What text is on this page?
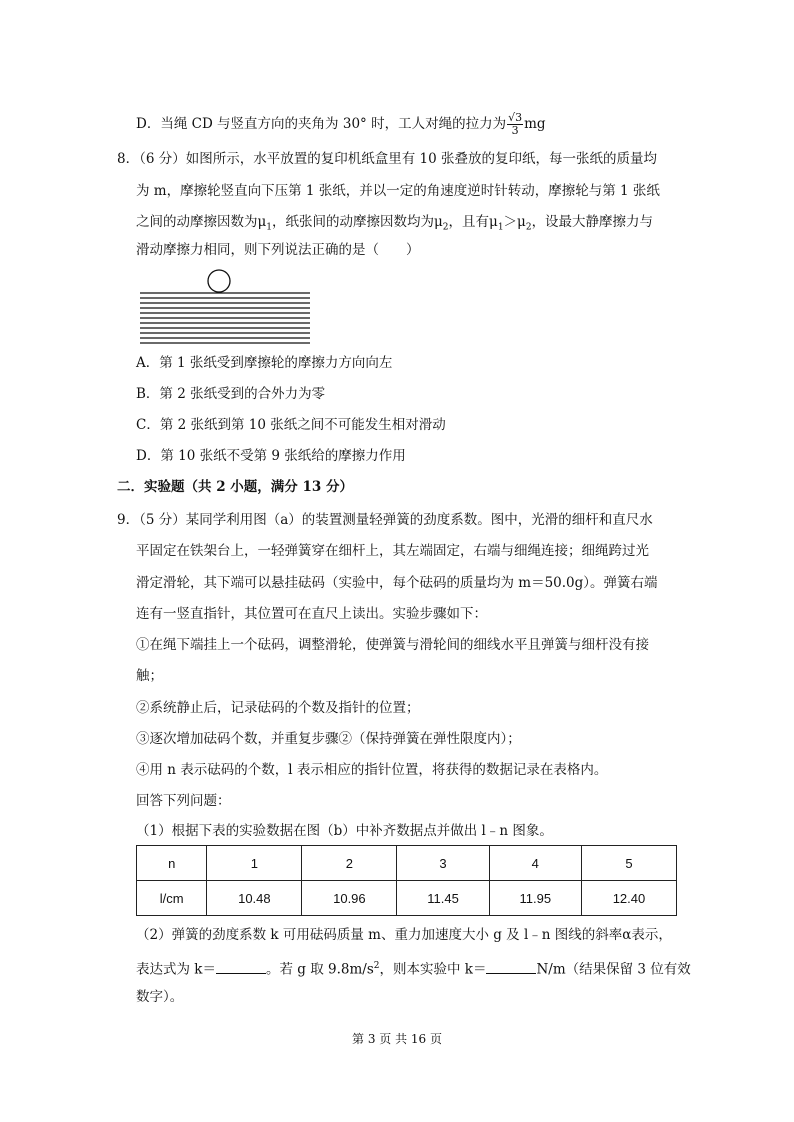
D．当绳 CD 与竖直方向的夹角为 30° 时，工人对绳的拉力为 $\frac{√3}{3}$ mg
8．（6 分）如图所示，水平放置的复印机纸盒里有 10 张叠放的复印纸，每一张纸的质量均
为 m，摩擦轮竖直向下压第 1 张纸，并以一定的角速度逆时针转动，摩擦轮与第 1 张纸
之间的动摩擦因数为$\mu_1$，纸张间的动摩擦因数均为$\mu_2$，且有$\mu_1>\mu_2$，设最大静摩擦力与
滑动摩擦力相同，则下列说法正确的是（　　）
A．第 1 张纸受到摩擦轮的摩擦力方向向左
B．第 2 张纸受到的合外力为零
C．第 2 张纸到第 10 张纸之间不可能发生相对滑动
D．第 10 张纸不受第 9 张纸给的摩擦力作用
二．实验题（共 2 小题，满分 13 分）
9．（5 分）某同学利用图（a）的装置测量轻弹簧的劲度系数。图中，光滑的细杆和直尺水
平固定在铁架台上，一轻弹簧穿在细杆上，其左端固定，右端与细绳连接；细绳跨过光
滑定滑轮，其下端可以悬挂砝码（实验中，每个砝码的质量均为 m＝50.0g）。弹簧右端
连有一竖直指针，其位置可在直尺上读出。实验步骤如下：
①在绳下端挂上一个砝码，调整滑轮，使弹簧与滑轮间的细线水平且弹簧与细杆没有接
触；
②系统静止后，记录砝码的个数及指针的位置；
③逐次增加砝码个数，并重复步骤②（保持弹簧在弹性限度内）；
④用 n 表示砝码的个数，l 表示相应的指针位置，将获得的数据记录在表格内。
回答下列问题：
（1）根据下表的实验数据在图（b）中补齐数据点并做出 l﹣n 图象。
n	1	2	3	4	5
l/cm	10.48	10.96	11.45	11.95	12.40
（2）弹簧的劲度系数 k 可用砝码质量 m、重力加速度大小 g 及 l﹣n 图线的斜率α表示，
表达式为 k＝	。若 g 取 $9.8m/s^2$，则本实验中 k＝	N/m（结果保留 3 位有效
数字）。
第 3 页 共 16 页
